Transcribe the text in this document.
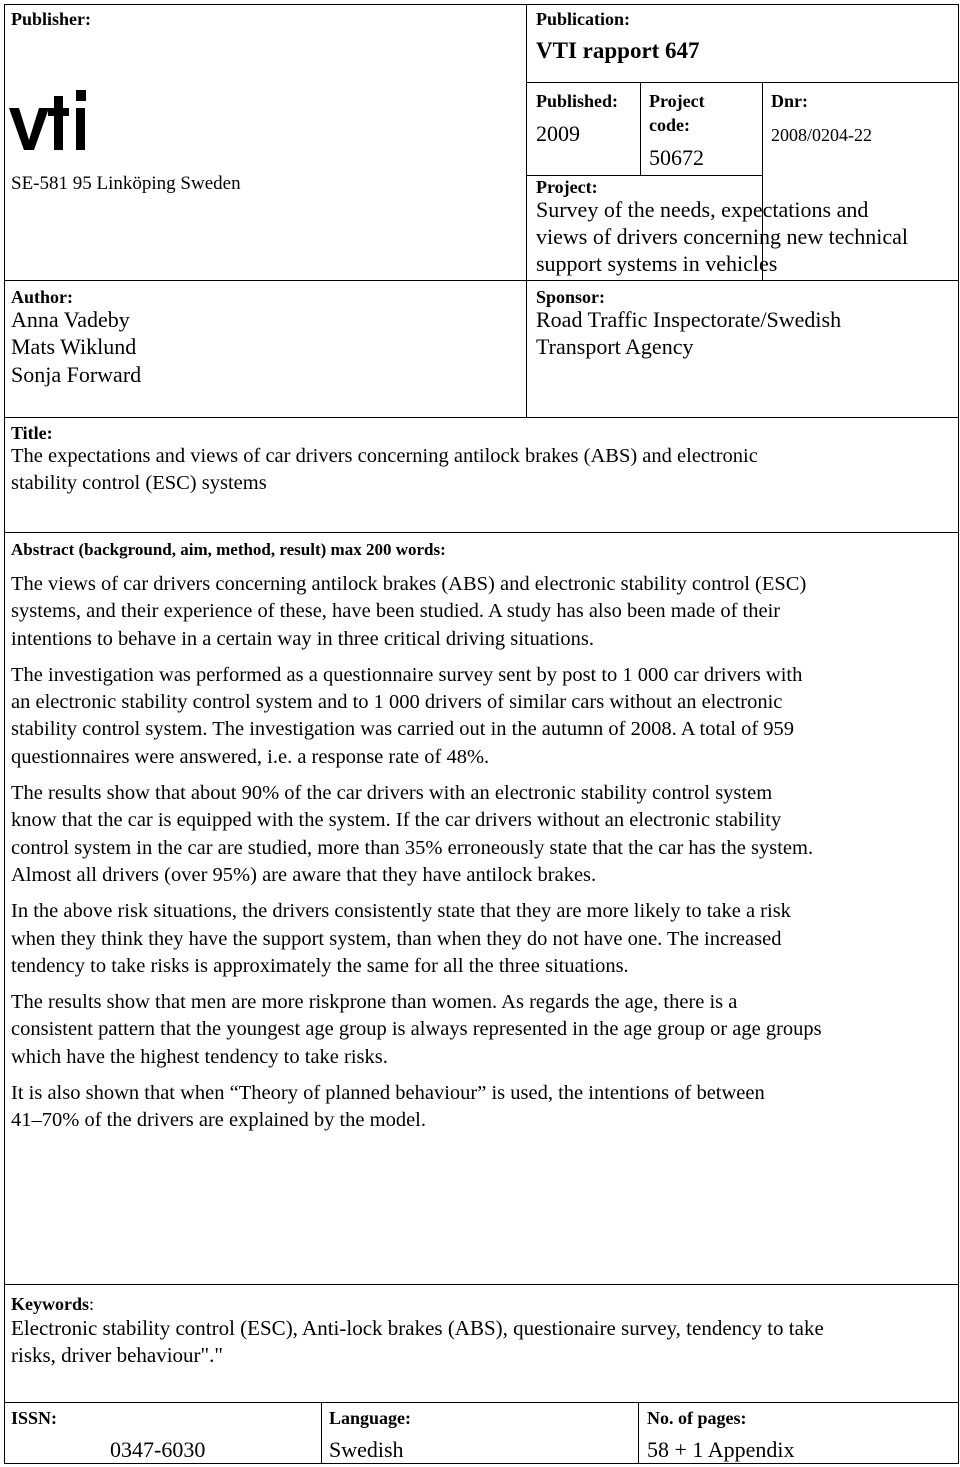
Publisher:
SE-581 95 Linköping Sweden
Publication:
VTI rapport 647
Published:
2009
Project
code:
50672
Dnr:
2008/0204-22
Project:
Survey of the needs, expectations and
views of drivers concerning new technical
support systems in vehicles
Author:
Anna Vadeby
Mats Wiklund
Sonja Forward
Sponsor:
Road Traffic Inspectorate/Swedish
Transport Agency
Title:
The expectations and views of car drivers concerning antilock brakes (ABS) and electronic
stability control (ESC) systems
Abstract (background, aim, method, result) max 200 words:
The views of car drivers concerning antilock brakes (ABS) and electronic stability control (ESC)
systems, and their experience of these, have been studied. A study has also been made of their
intentions to behave in a certain way in three critical driving situations.
The investigation was performed as a questionnaire survey sent by post to 1 000 car drivers with
an electronic stability control system and to 1 000 drivers of similar cars without an electronic
stability control system. The investigation was carried out in the autumn of 2008. A total of 959
questionnaires were answered, i.e. a response rate of 48%.
The results show that about 90% of the car drivers with an electronic stability control system
know that the car is equipped with the system. If the car drivers without an electronic stability
control system in the car are studied, more than 35% erroneously state that the car has the system.
Almost all drivers (over 95%) are aware that they have antilock brakes.
In the above risk situations, the drivers consistently state that they are more likely to take a risk
when they think they have the support system, than when they do not have one. The increased
tendency to take risks is approximately the same for all the three situations.
The results show that men are more riskprone than women. As regards the age, there is a
consistent pattern that the youngest age group is always represented in the age group or age groups
which have the highest tendency to take risks.
It is also shown that when “Theory of planned behaviour” is used, the intentions of between
41–70% of the drivers are explained by the model.
Keywords:
Electronic stability control (ESC), Anti-lock brakes (ABS), questionaire survey, tendency to take
risks, driver behaviour"."
ISSN:
0347-6030
Language:
Swedish
No. of pages:
58 + 1 Appendix
